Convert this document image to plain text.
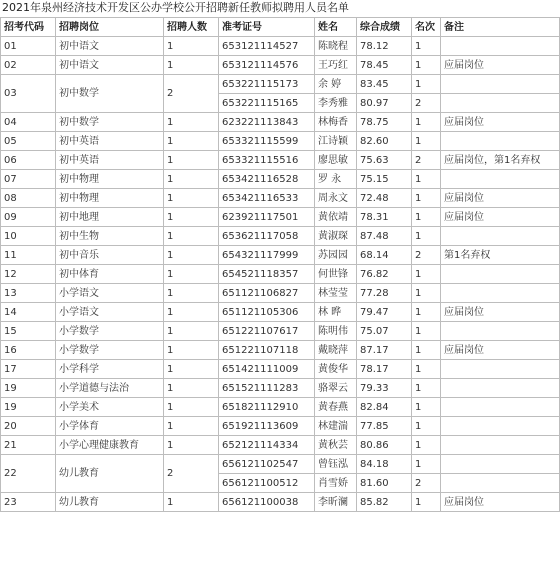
2021年泉州经济技术开发区公办学校公开招聘新任教师拟聘用人员名单
招考代码	招聘岗位	招聘人数	准考证号	姓名	综合成绩	名次	备注
01	初中语文	1	653121114527	陈晓程	78.12	1	
02	初中语文	1	653121114576	王巧红	78.45	1	应届岗位
03	初中数学	2	653221115173	余 婷	83.45	1	
			653221115165	李秀雅	80.97	2	
04	初中数学	1	623221113843	林梅香	78.75	1	应届岗位
05	初中英语	1	653321115599	江诗颖	82.60	1	
06	初中英语	1	653321115516	廖思敏	75.63	2	应届岗位，第1名弃权
07	初中物理	1	653421116528	罗 永	75.15	1	
08	初中物理	1	653421116533	周永文	72.48	1	应届岗位
09	初中地理	1	623921117501	黄依靖	78.31	1	应届岗位
10	初中生物	1	653621117058	黄淑琛	87.48	1	
11	初中音乐	1	654321117999	苏园园	68.14	2	第1名弃权
12	初中体育	1	654521118357	何世锋	76.82	1	
13	小学语文	1	651121106827	林莹莹	77.28	1	
14	小学语文	1	651121105306	林 晔	79.47	1	应届岗位
15	小学数学	1	651221107617	陈明伟	75.07	1	
16	小学数学	1	651221107118	戴晓萍	87.17	1	应届岗位
17	小学科学	1	651421111009	黄俊华	78.17	1	
19	小学道德与法治	1	651521111283	骆翠云	79.33	1	
19	小学美术	1	651821112910	黄春燕	82.84	1	
20	小学体育	1	651921113609	林建湍	77.85	1	
21	小学心理健康教育	1	652121114334	黄秋芸	80.86	1	
22	幼儿教育	2	656121102547	曾钰泓	84.18	1	
			656121100512	肖雪娇	81.60	2	
23	幼儿教育	1	656121100038	李昕澜	85.82	1	应届岗位
